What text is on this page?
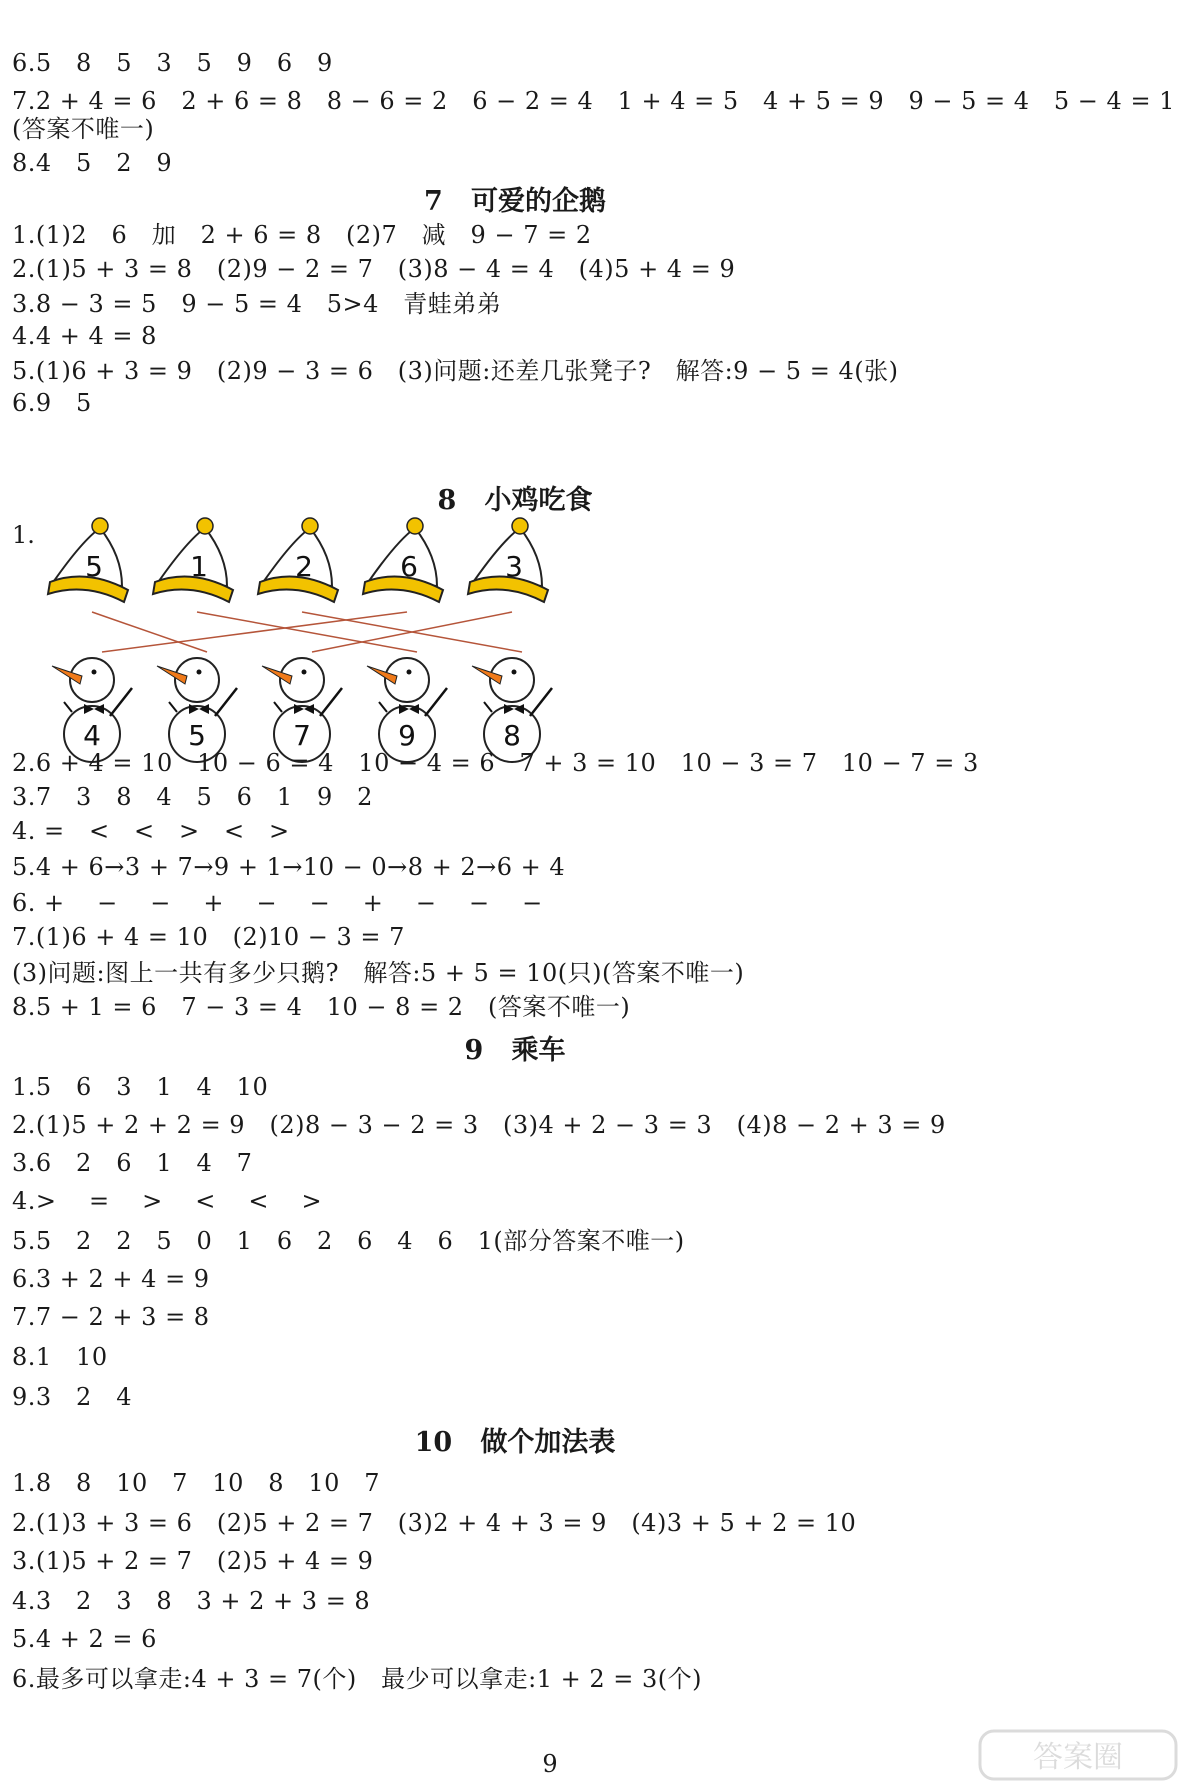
6.5   8   5   3   5   9   6   9
7.2 + 4 = 6   2 + 6 = 8   8 − 6 = 2   6 − 2 = 4   1 + 4 = 5   4 + 5 = 9   9 − 5 = 4   5 − 4 = 1
(答案不唯一)
8.4   5   2   9
7   可爱的企鹅
1.(1)2   6   加   2 + 6 = 8   (2)7   减   9 − 7 = 2
2.(1)5 + 3 = 8   (2)9 − 2 = 7   (3)8 − 4 = 4   (4)5 + 4 = 9
3.8 − 3 = 5   9 − 5 = 4   5>4   青蛙弟弟
4.4 + 4 = 8
5.(1)6 + 3 = 9   (2)9 − 3 = 6   (3)问题:还差几张凳子?   解答:9 − 5 = 4(张)
6.9   5
8   小鸡吃食
1.
5	1	2	6	3
4	5	7	9	8
2.6 + 4 = 10   10 − 6 = 4   10 − 4 = 6   7 + 3 = 10   10 − 3 = 7   10 − 7 = 3
3.7   3   8   4   5   6   1   9   2
4. =   <   <   >   <   >
5.4 + 6→3 + 7→9 + 1→10 − 0→8 + 2→6 + 4
6. +    −    −    +    −    −    +    −    −    −
7.(1)6 + 4 = 10   (2)10 − 3 = 7
(3)问题:图上一共有多少只鹅?   解答:5 + 5 = 10(只)(答案不唯一)
8.5 + 1 = 6   7 − 3 = 4   10 − 8 = 2   (答案不唯一)
9   乘车
1.5   6   3   1   4   10
2.(1)5 + 2 + 2 = 9   (2)8 − 3 − 2 = 3   (3)4 + 2 − 3 = 3   (4)8 − 2 + 3 = 9
3.6   2   6   1   4   7
4.>    =    >    <    <    >
5.5   2   2   5   0   1   6   2   6   4   6   1(部分答案不唯一)
6.3 + 2 + 4 = 9
7.7 − 2 + 3 = 8
8.1   10
9.3   2   4
10   做个加法表
1.8   8   10   7   10   8   10   7
2.(1)3 + 3 = 6   (2)5 + 2 = 7   (3)2 + 4 + 3 = 9   (4)3 + 5 + 2 = 10
3.(1)5 + 2 = 7   (2)5 + 4 = 9
4.3   2   3   8   3 + 2 + 3 = 8
5.4 + 2 = 6
6.最多可以拿走:4 + 3 = 7(个)   最少可以拿走:1 + 2 = 3(个)
9	答案圈
